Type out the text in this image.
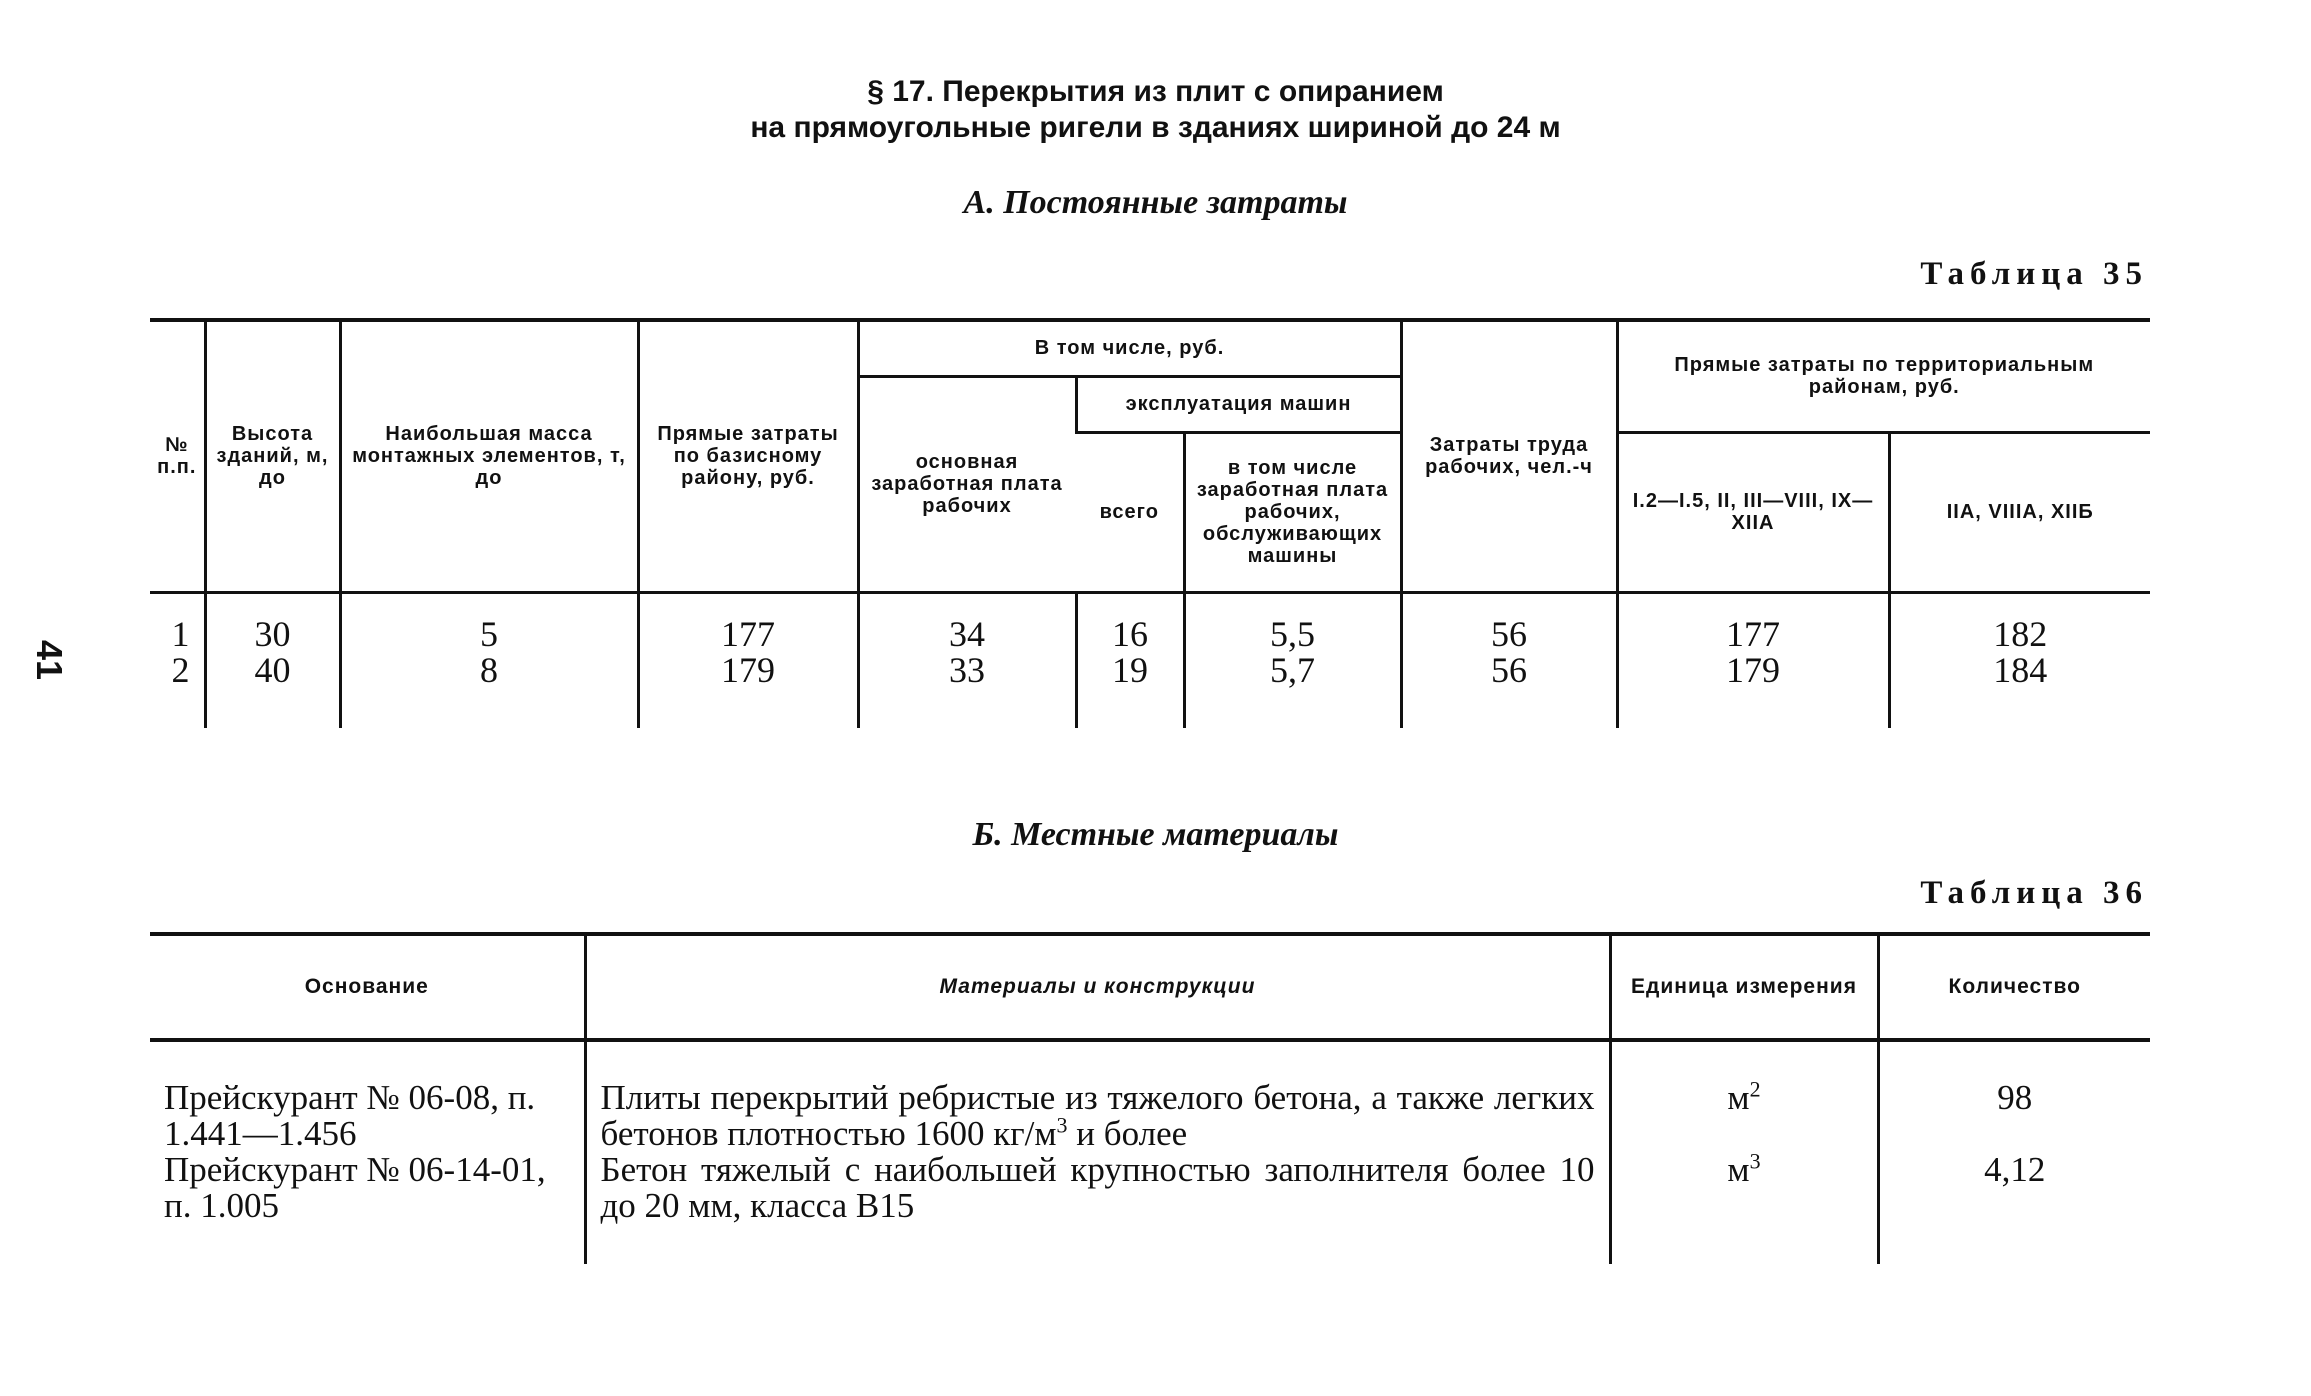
§ 17. Перекрытия из плит с опиранием
на прямоугольные ригели в зданиях шириной до 24 м
41
А. Постоянные затраты
Таблица 35
№ п.п.	Высота зданий, м, до	Наибольшая масса монтажных элементов, т, до	Прямые затраты по базисному району, руб.	В том числе, руб.			Затраты труда рабочих, чел.-ч	Прямые затраты по территориальным районам, руб.	
				основная заработная плата рабочих	эксплуатация машин				
					всего	в том числе заработная плата рабочих, обслуживающих машины		I.2—I.5, II, III—VIII, IX—XIIA	IIA, VIIIA, XIIБ
1	30	5	177	34	16	5,5	56	177	182
2	40	8	179	33	19	5,7	56	179	184
Б. Местные материалы
Таблица 36
Основание	Материалы и конструкции	Единица измерения	Количество
Прейскурант № 06-08, п. 1.441—1.456	Плиты перекрытий ребристые из тяжелого бетона, а также легких бетонов плотностью 1600 $кг/м^3$ и более	$м^2$	98
Прейскурант № 06-14-01, п. 1.005	Бетон тяжелый с наибольшей крупностью заполнителя более 10 до 20 мм, класса В15	$м^3$	4,12
